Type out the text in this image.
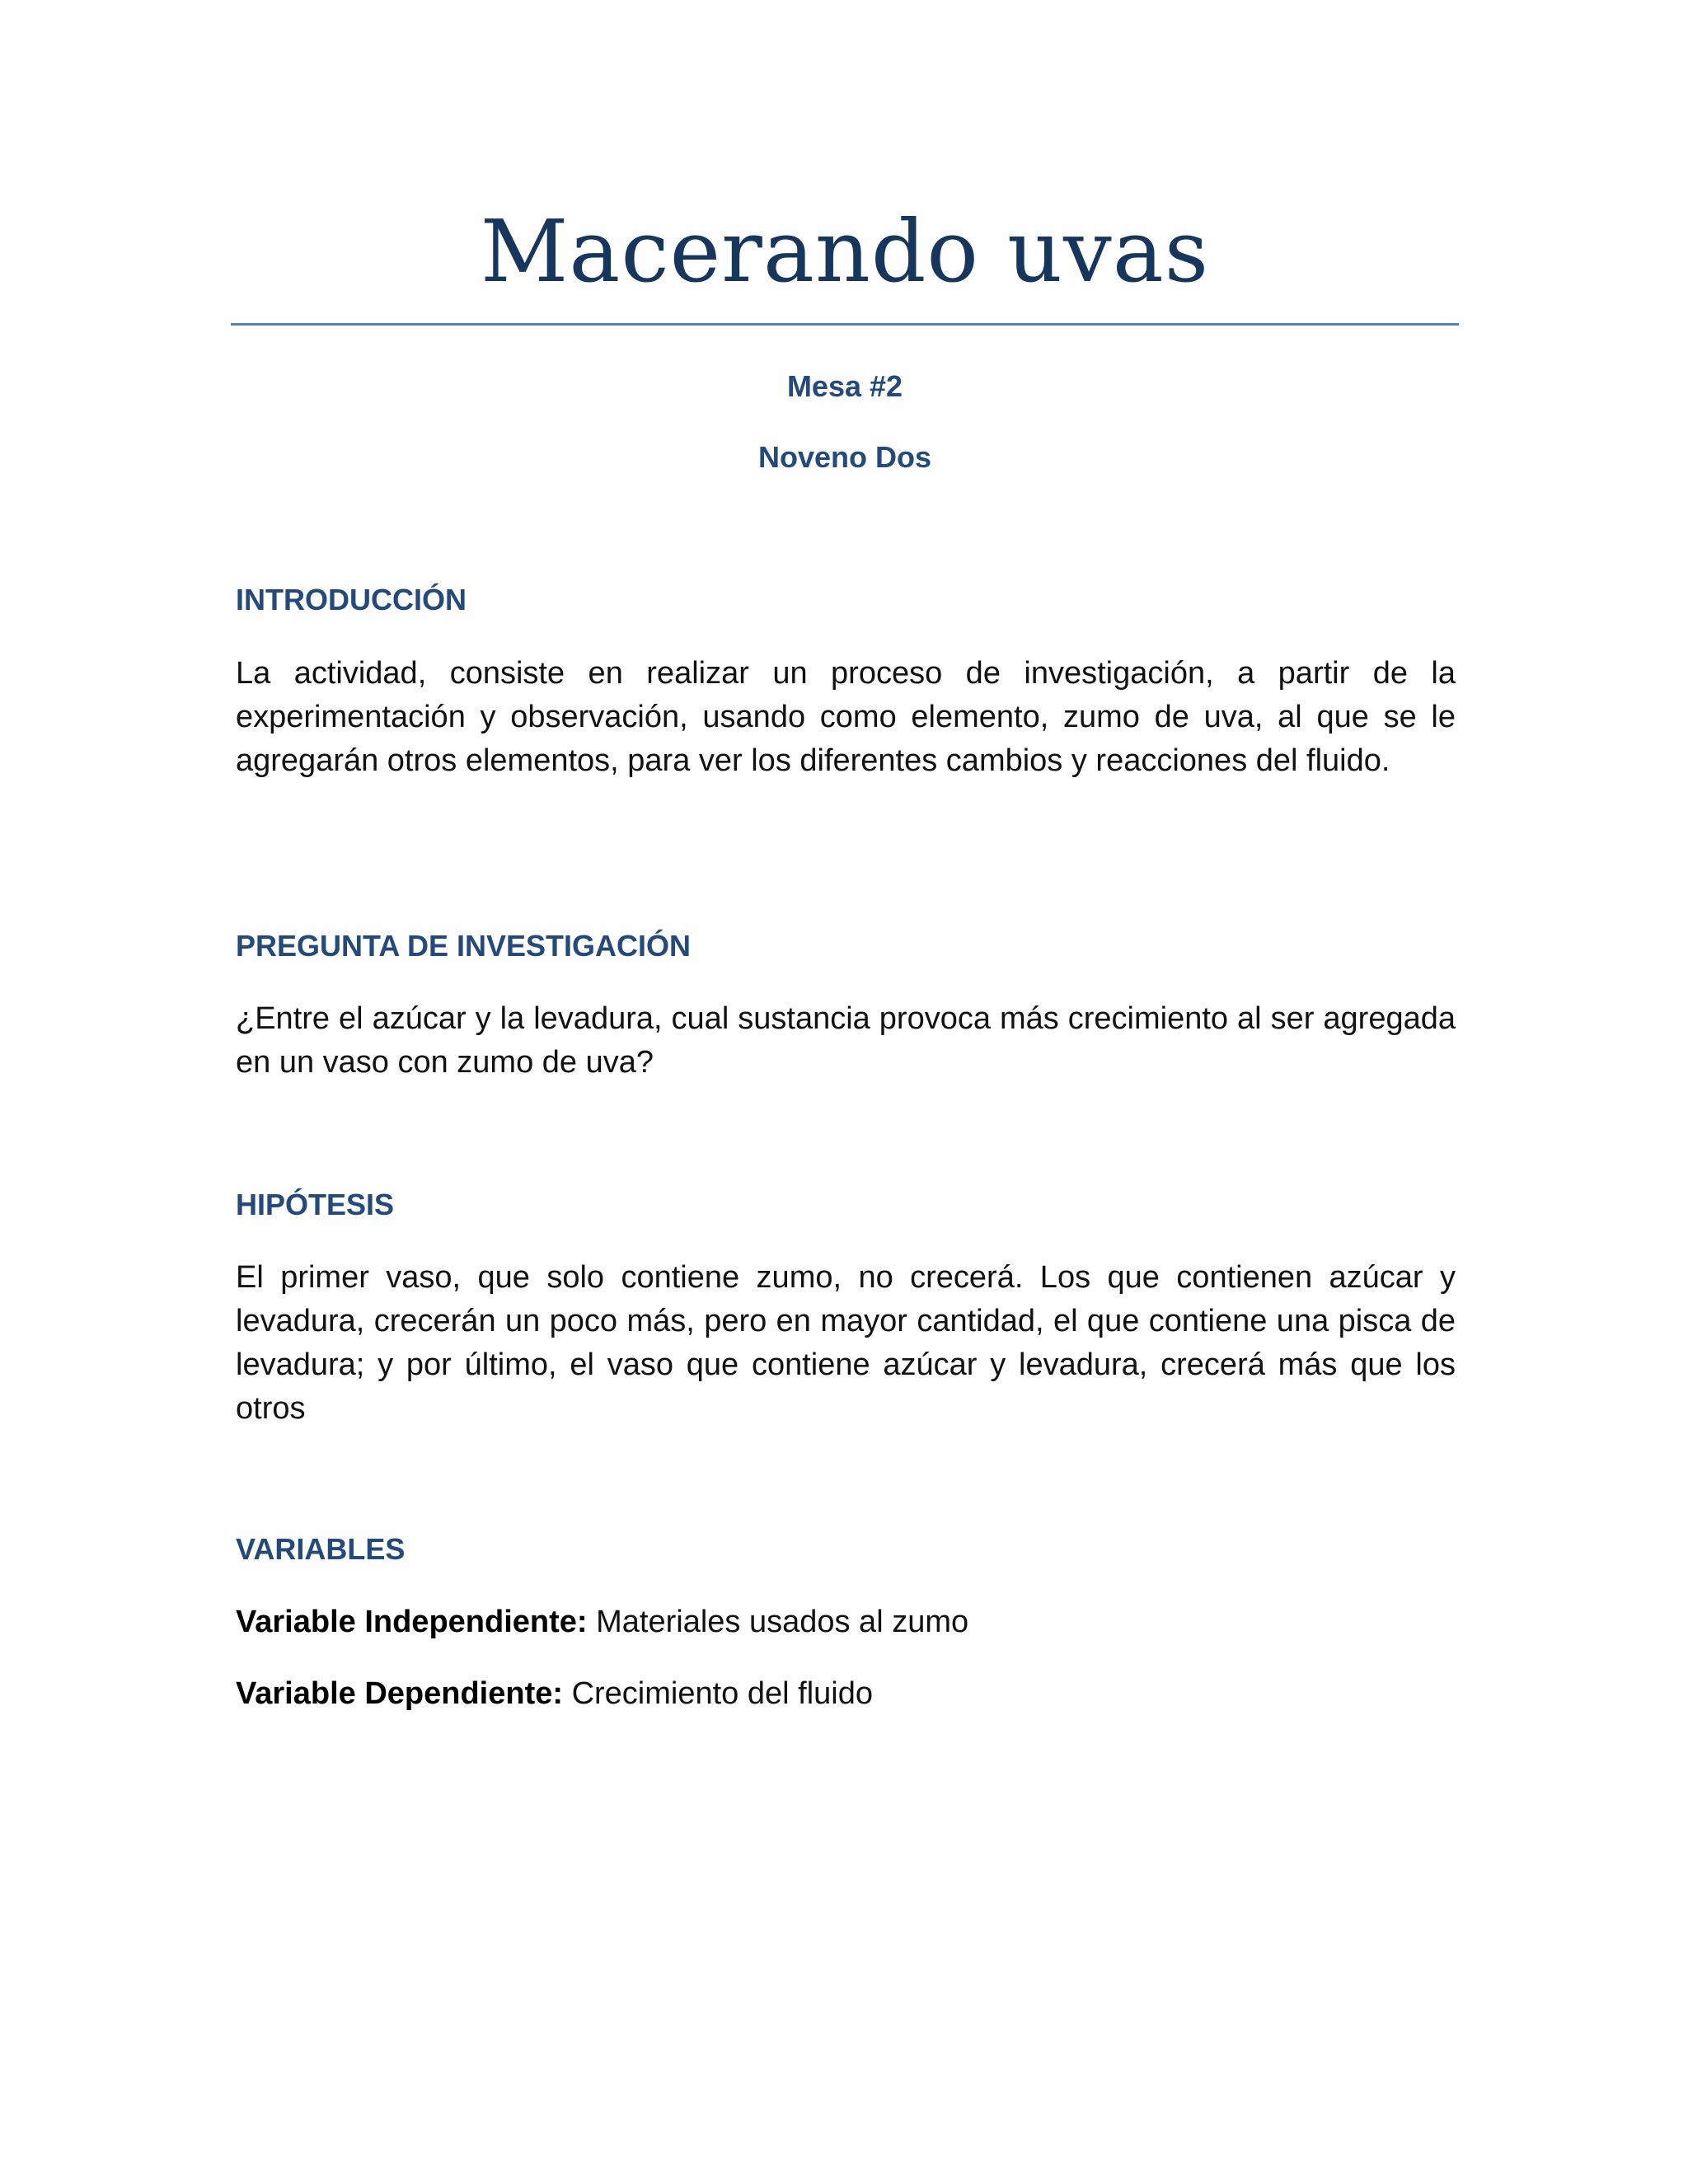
Macerando uvas

Mesa #2

Noveno Dos

INTRODUCCIÓN

La actividad, consiste en realizar un proceso de investigación, a partir de la experimentación y observación, usando como elemento, zumo de uva, al que se le agregarán otros elementos, para ver los diferentes cambios y reacciones del fluido.

PREGUNTA DE INVESTIGACIÓN

¿Entre el azúcar y la levadura, cual sustancia provoca más crecimiento al ser agregada en un vaso con zumo de uva?

HIPÓTESIS

El primer vaso, que solo contiene zumo, no crecerá. Los que contienen azúcar y levadura, crecerán un poco más, pero en mayor cantidad, el que contiene una pisca de levadura; y por último, el vaso que contiene azúcar y levadura, crecerá más que los otros

VARIABLES

Variable Independiente: Materiales usados al zumo

Variable Dependiente: Crecimiento del fluido
